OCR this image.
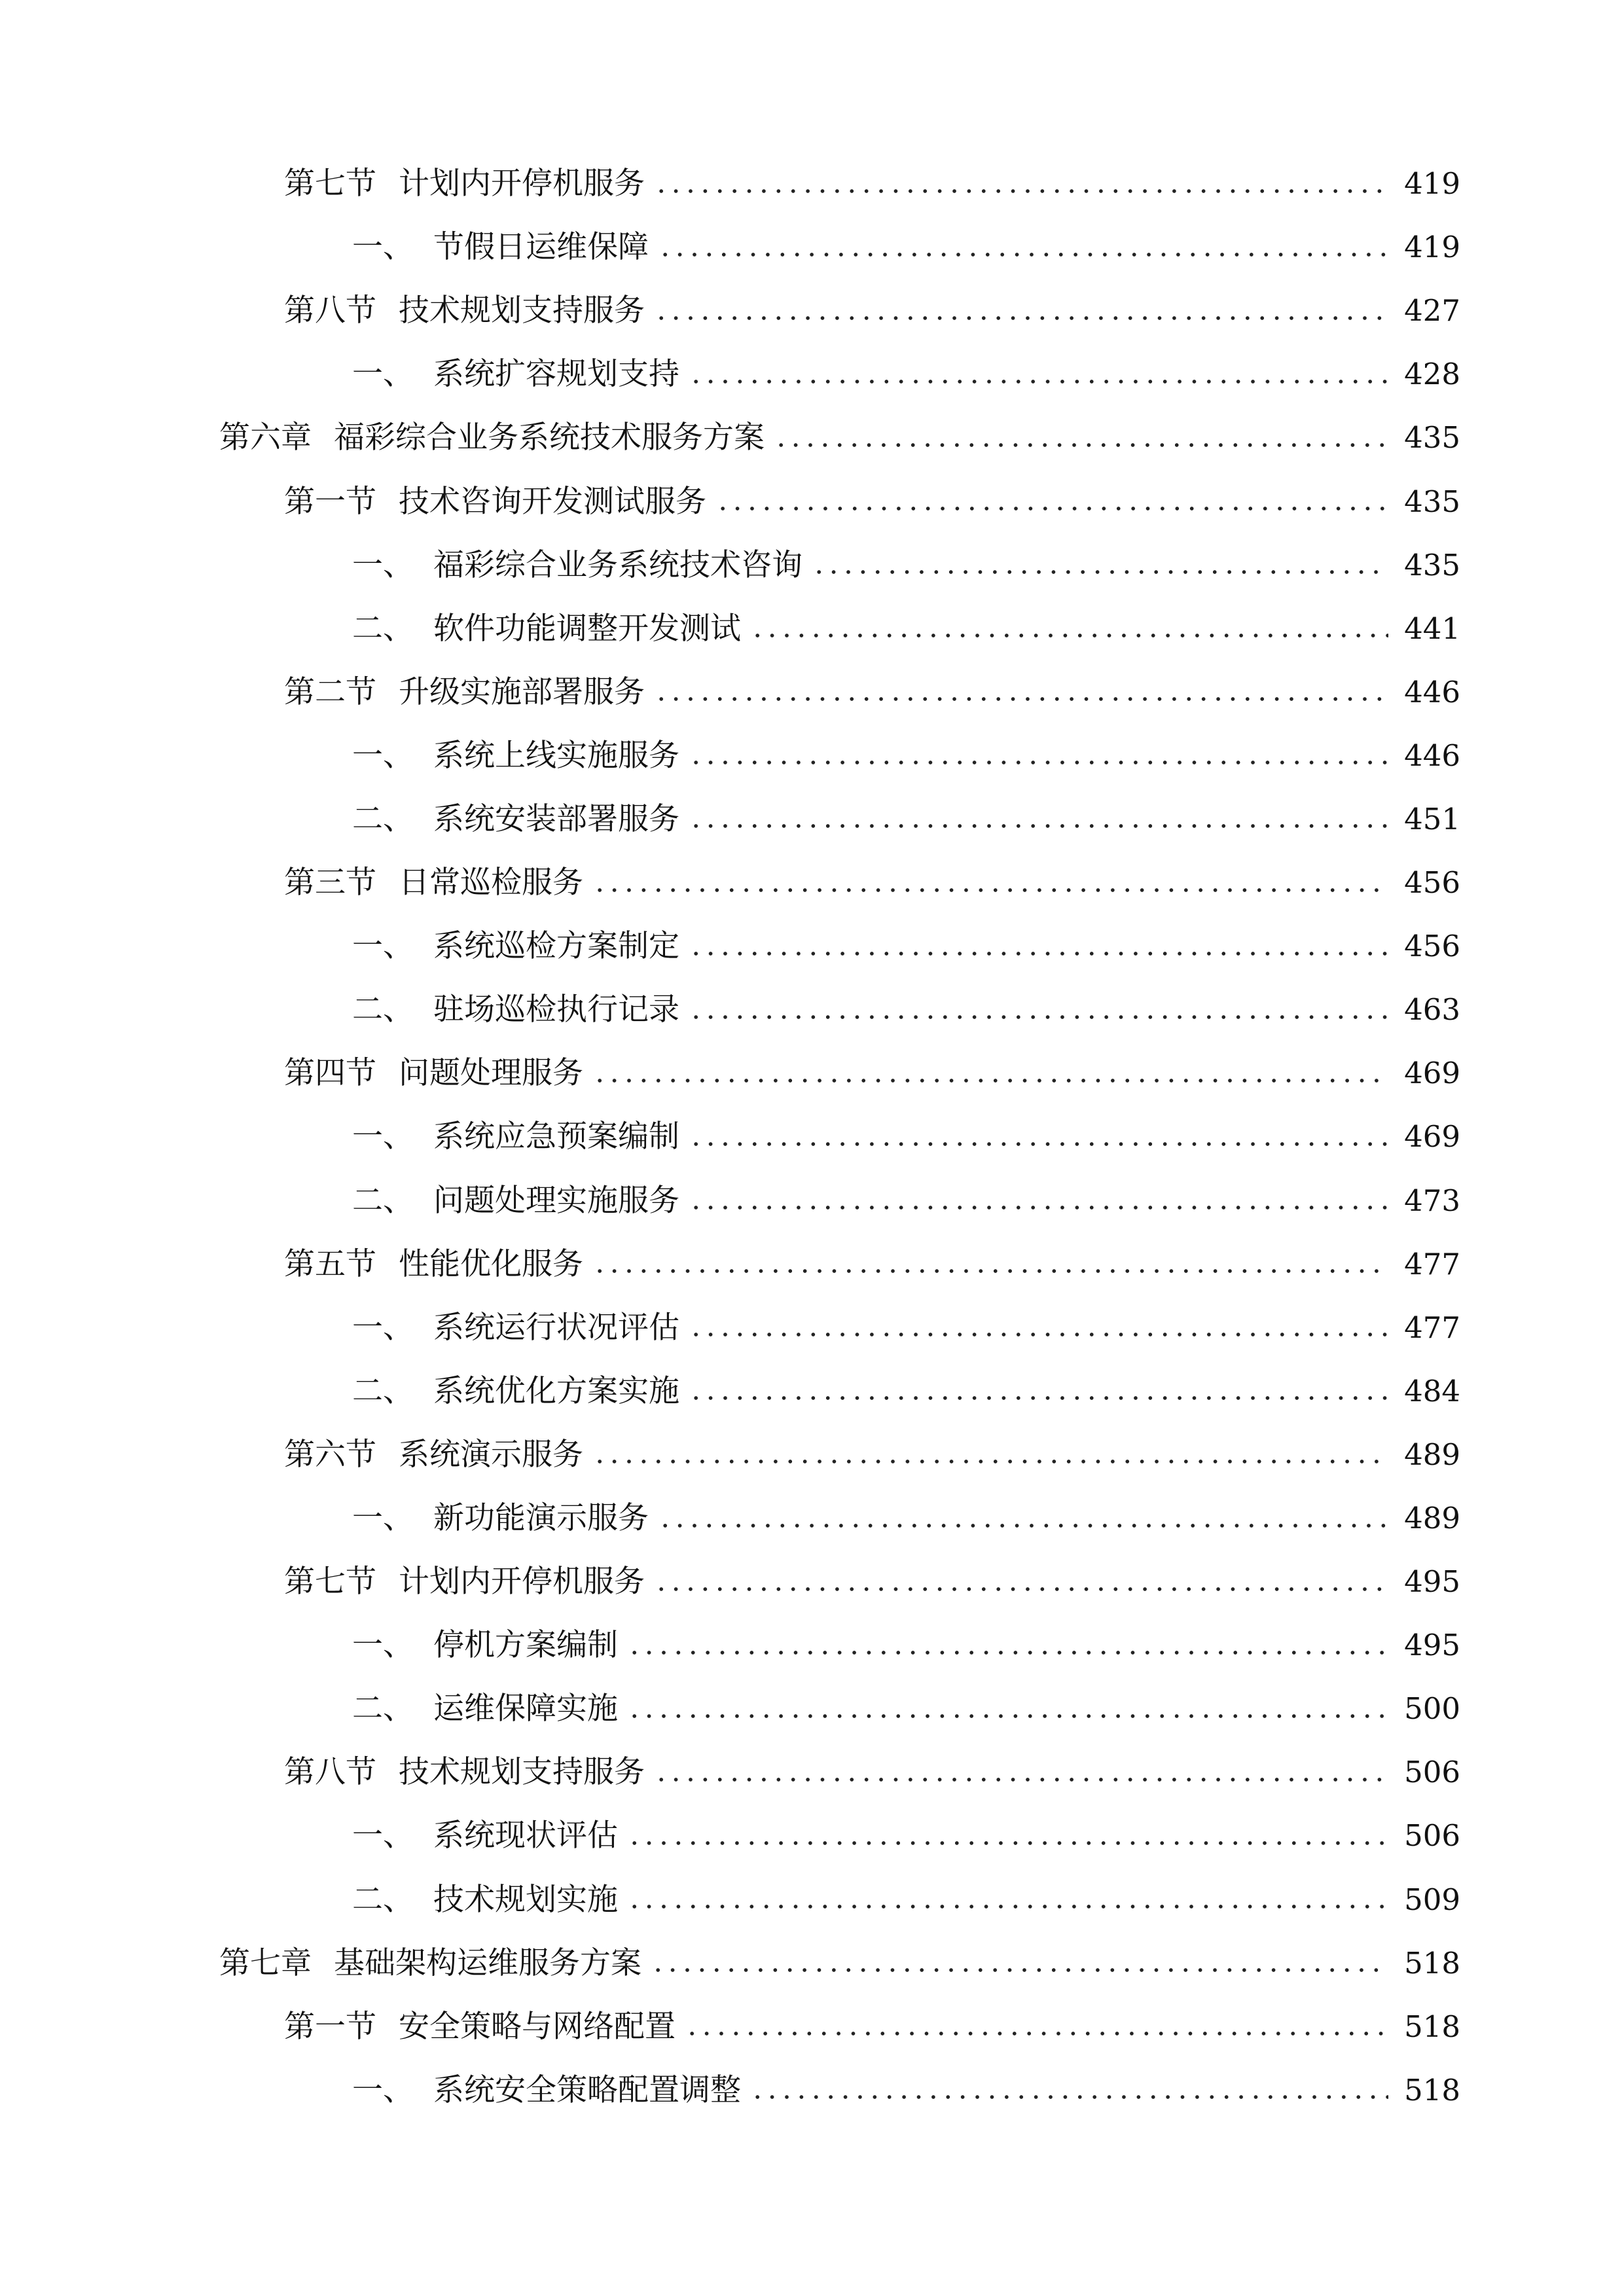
第七节 计划内开停机服务	419
一、 节假日运维保障	419
第八节 技术规划支持服务	427
一、 系统扩容规划支持	428
第六章 福彩综合业务系统技术服务方案	435
第一节 技术咨询开发测试服务	435
一、 福彩综合业务系统技术咨询	435
二、 软件功能调整开发测试	441
第二节 升级实施部署服务	446
一、 系统上线实施服务	446
二、 系统安装部署服务	451
第三节 日常巡检服务	456
一、 系统巡检方案制定	456
二、 驻场巡检执行记录	463
第四节 问题处理服务	469
一、 系统应急预案编制	469
二、 问题处理实施服务	473
第五节 性能优化服务	477
一、 系统运行状况评估	477
二、 系统优化方案实施	484
第六节 系统演示服务	489
一、 新功能演示服务	489
第七节 计划内开停机服务	495
一、 停机方案编制	495
二、 运维保障实施	500
第八节 技术规划支持服务	506
一、 系统现状评估	506
二、 技术规划实施	509
第七章 基础架构运维服务方案	518
第一节 安全策略与网络配置	518
一、 系统安全策略配置调整	518
